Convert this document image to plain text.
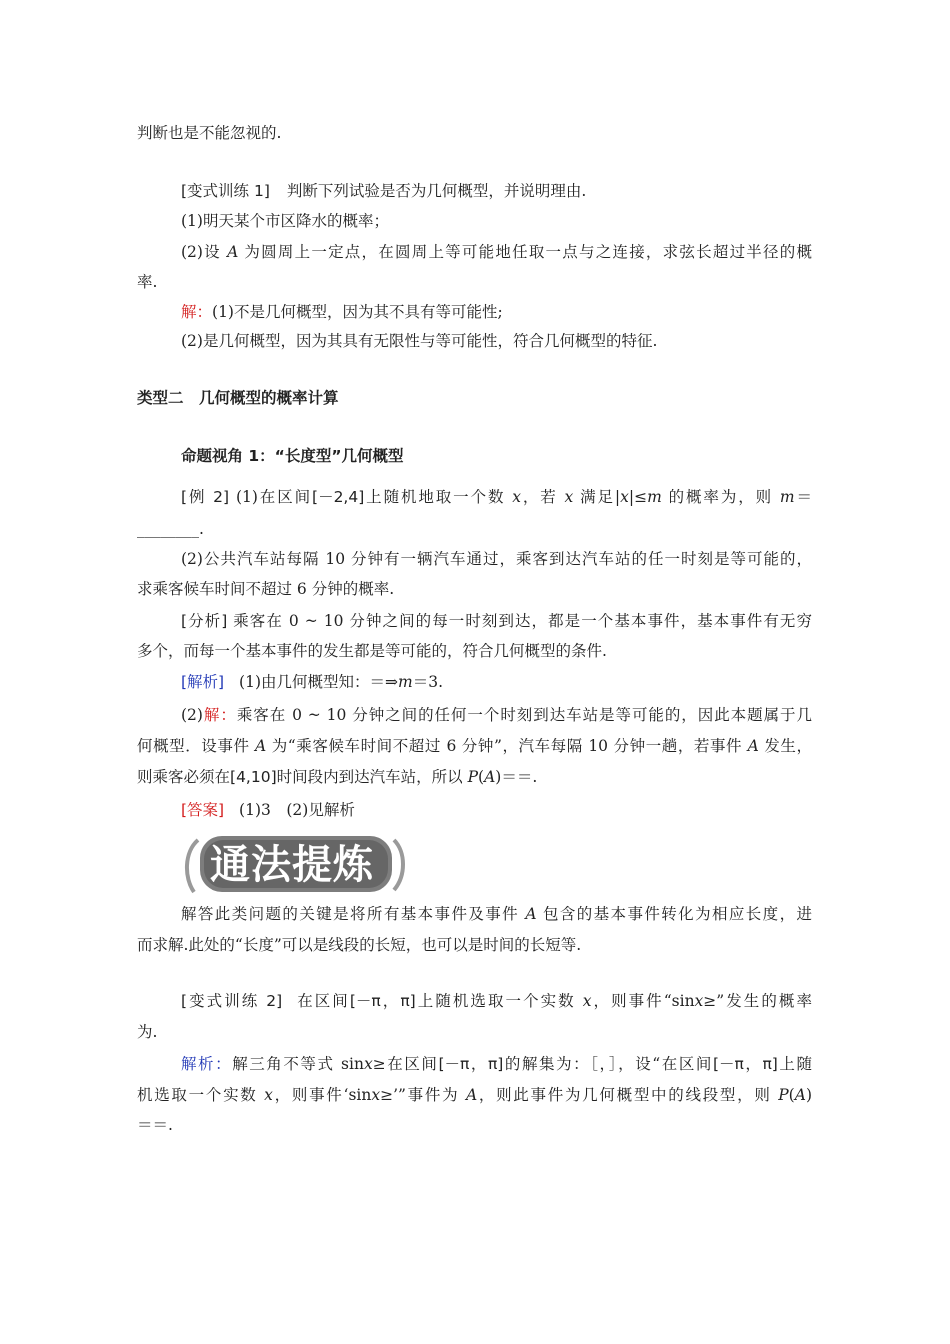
判断也是不能忽视的.
[变式训练 1] 判断下列试验是否为几何概型，并说明理由.
(1)明天某个市区降水的概率；
(2)设 A 为圆周上一定点，在圆周上等可能地任取一点与之连接，求弦长超过半径的概
率.
解：(1)不是几何概型，因为其不具有等可能性;
(2)是几何概型，因为其具有无限性与等可能性，符合几何概型的特征.
类型二　几何概型的概率计算
命题视角 1：“长度型”几何概型
[例 2] (1)在区间[－2,4]上随机地取一个数 x，若 x 满足|x|≤m 的概率为，则 m＝
________.
(2)公共汽车站每隔 10 分钟有一辆汽车通过，乘客到达汽车站的任一时刻是等可能的，
求乘客候车时间不超过 6 分钟的概率.
[分析] 乘客在 0 ~ 10 分钟之间的每一时刻到达，都是一个基本事件，基本事件有无穷
多个，而每一个基本事件的发生都是等可能的，符合几何概型的条件.
[解析] (1)由几何概型知：＝⇒m＝3.
(2)解：乘客在 0 ~ 10 分钟之间的任何一个时刻到达车站是等可能的，因此本题属于几
何概型．设事件 A 为“乘客候车时间不超过 6 分钟”，汽车每隔 10 分钟一趟，若事件 A 发生，
则乘客必须在[4,10]时间段内到达汽车站，所以 P(A)＝＝.
[答案] (1)3　(2)见解析
通法提炼
解答此类问题的关键是将所有基本事件及事件 A 包含的基本事件转化为相应长度，进
而求解.此处的“长度”可以是线段的长短，也可以是时间的长短等.
[变式训练 2] 在区间[－π，π]上随机选取一个实数 x，则事件“sinx≥”发生的概率
为.
解析：解三角不等式 sinx≥在区间[－π，π]的解集为：［，］，设“在区间[－π，π]上随
机选取一个实数 x，则事件‘sinx≥’”事件为 A，则此事件为几何概型中的线段型，则 P(A)
＝＝.
